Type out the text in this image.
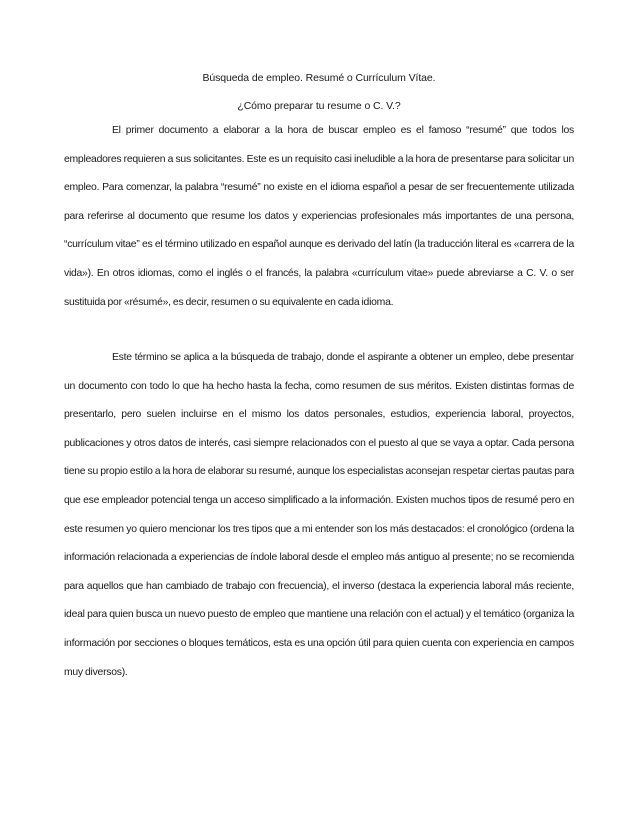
Búsqueda de empleo. Resumé o Currículum Vítae.
¿Cómo preparar tu resume o C. V.?

El primer documento a elaborar a la hora de buscar empleo es el famoso “resumé” que todos los empleadores requieren a sus solicitantes. Este es un requisito casi ineludible a la hora de presentarse para solicitar un empleo. Para comenzar, la palabra “resumé” no existe en el idioma español a pesar de ser frecuentemente utilizada para referirse al documento que resume los datos y experiencias profesionales más importantes de una persona, “currículum vitae” es el término utilizado en español aunque es derivado del latín (la traducción literal es «carrera de la vida»). En otros idiomas, como el inglés o el francés, la palabra «currículum vitae» puede abreviarse a C. V. o ser sustituida por «résumé», es decir, resumen o su equivalente en cada idioma.

Este término se aplica a la búsqueda de trabajo, donde el aspirante a obtener un empleo, debe presentar un documento con todo lo que ha hecho hasta la fecha, como resumen de sus méritos. Existen distintas formas de presentarlo, pero suelen incluirse en el mismo los datos personales, estudios, experiencia laboral, proyectos, publicaciones y otros datos de interés, casi siempre relacionados con el puesto al que se vaya a optar. Cada persona tiene su propio estilo a la hora de elaborar su resumé, aunque los especialistas aconsejan respetar ciertas pautas para que ese empleador potencial tenga un acceso simplificado a la información. Existen muchos tipos de resumé pero en este resumen yo quiero mencionar los tres tipos que a mi entender son los más destacados: el cronológico (ordena la información relacionada a experiencias de índole laboral desde el empleo más antiguo al presente; no se recomienda para aquellos que han cambiado de trabajo con frecuencia), el inverso (destaca la experiencia laboral más reciente, ideal para quien busca un nuevo puesto de empleo que mantiene una relación con el actual) y el temático (organiza la información por secciones o bloques temáticos, esta es una opción útil para quien cuenta con experiencia en campos muy diversos).
